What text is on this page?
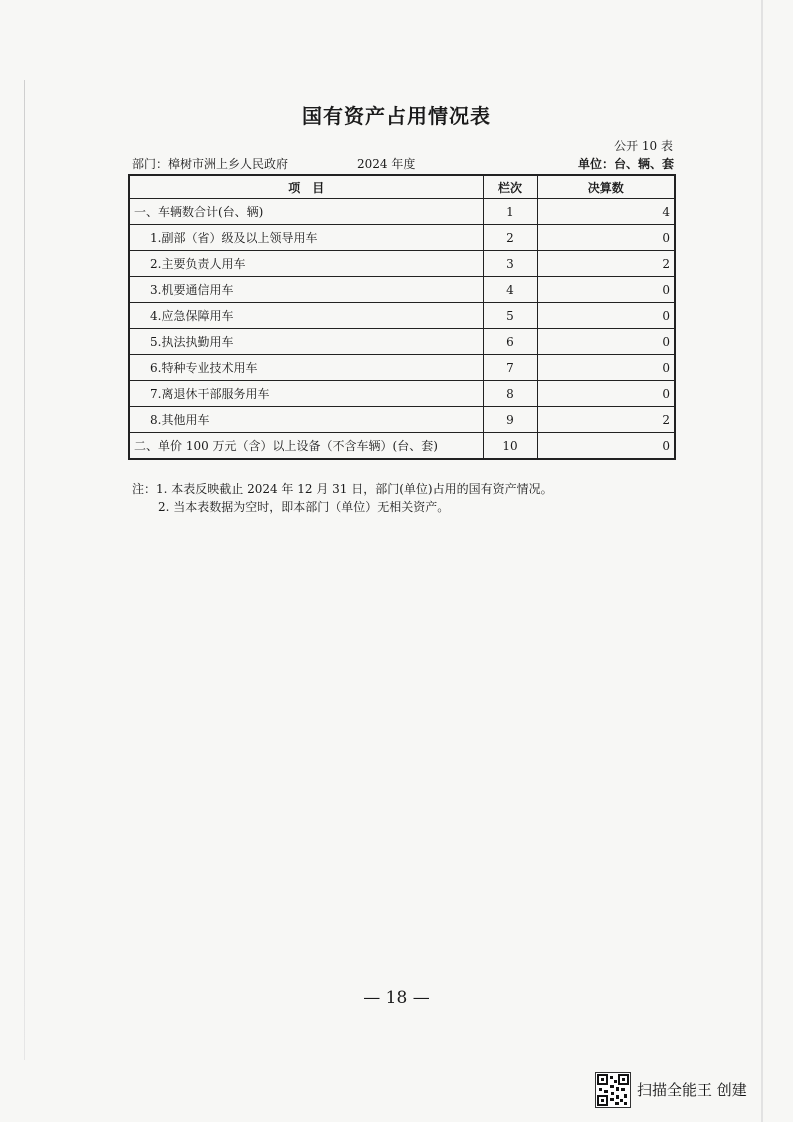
国有资产占用情况表
公开 10 表
部门：樟树市洲上乡人民政府	2024 年度	单位：台、辆、套
项　目	栏次	决算数
一、车辆数合计(台、辆)	1	4
1.副部（省）级及以上领导用车	2	0
2.主要负责人用车	3	2
3.机要通信用车	4	0
4.应急保障用车	5	0
5.执法执勤用车	6	0
6.特种专业技术用车	7	0
7.离退休干部服务用车	8	0
8.其他用车	9	2
二、单价 100 万元（含）以上设备（不含车辆）(台、套)	10	0
注：1. 本表反映截止 2024 年 12 月 31 日，部门(单位)占用的国有资产情况。
2. 当本表数据为空时，即本部门（单位）无相关资产。
— 18 —
扫描全能王 创建
